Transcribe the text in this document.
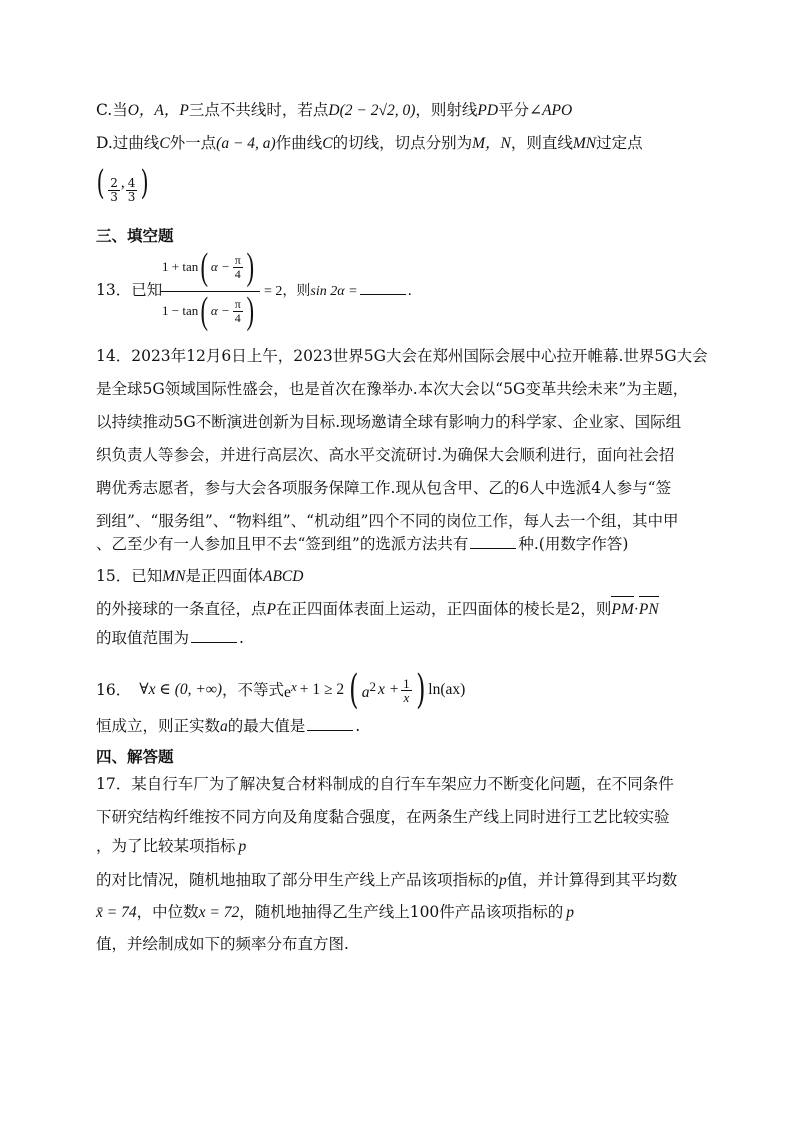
C.当O，A，P三点不共线时，若点D(2 − 2√2, 0)，则射线PD平分∠APO
D.过曲线C外一点(a − 4, a)作曲线C的切线，切点分别为M，N，则直线MN过定点
( $\frac{2}{3}$ , $\frac{4}{3}$ )
三、填空题
13．已知
1 + tan ( $\alpha - \frac{\pi}{4}$ )
1 − tan ( $\alpha - \frac{\pi}{4}$ ) = 2，则sin 2α =	.
14．2023年12月6日上午，2023世界5G大会在郑州国际会展中心拉开帷幕.世界5G大会
是全球5G领域国际性盛会，也是首次在豫举办.本次大会以“5G变革共绘未来”为主题，
以持续推动5G不断演进创新为目标.现场邀请全球有影响力的科学家、企业家、国际组
织负责人等参会，并进行高层次、高水平交流研讨.为确保大会顺利进行，面向社会招
聘优秀志愿者，参与大会各项服务保障工作.现从包含甲、乙的6人中选派4人参与“签
到组”、“服务组”、“物料组”、“机动组”四个不同的岗位工作，每人去一个组，其中甲
、乙至少有一人参加且甲不去“签到组”的选派方法共有	种.(用数字作答)
15．已知MN是正四面体ABCD
的外接球的一条直径，点P在正四面体表面上运动，正四面体的棱长是2，则PM·PN
的取值范围为	.
16． ∀x ∈ (0, +∞) ，不等式 $e^x + 1 \ge 2$ ( $a^2$ $x + \frac{1}{x}$ ) ln(ax)
恒成立，则正实数a的最大值是	.
四、解答题
17．某自行车厂为了解决复合材料制成的自行车车架应力不断变化问题，在不同条件
下研究结构纤维按不同方向及角度黏合强度，在两条生产线上同时进行工艺比较实验
，为了比较某项指标 p
的对比情况，随机地抽取了部分甲生产线上产品该项指标的p值，并计算得到其平均数
x̄ = 74，中位数x = 72，随机地抽得乙生产线上100件产品该项指标的 p
值，并绘制成如下的频率分布直方图.
